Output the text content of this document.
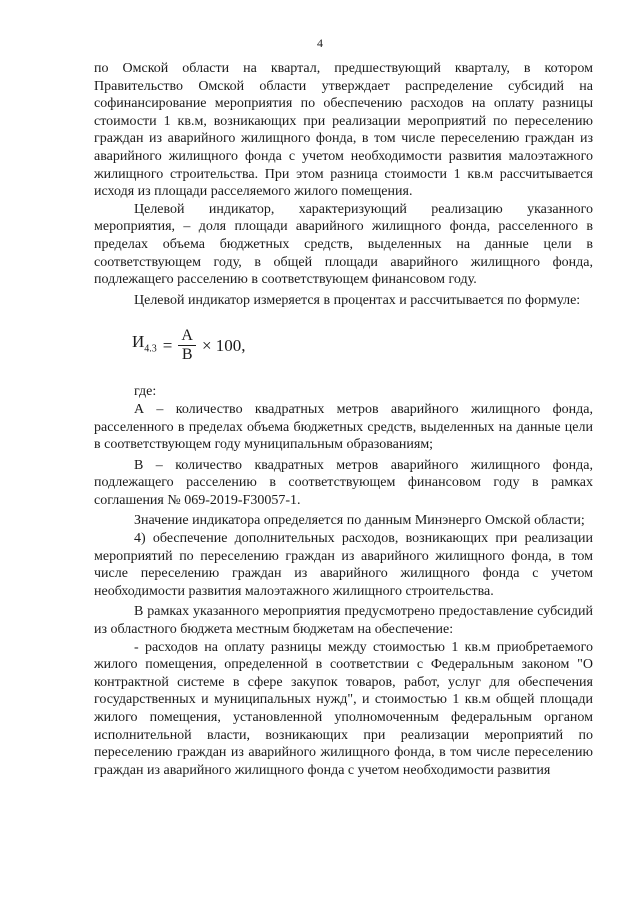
4

по Омской области на квартал, предшествующий кварталу, в котором Правительство Омской области утверждает распределение субсидий на софинансирование мероприятия по обеспечению расходов на оплату разницы стоимости 1 кв.м, возникающих при реализации мероприятий по переселению граждан из аварийного жилищного фонда, в том числе переселению граждан из аварийного жилищного фонда с учетом необходимости развития малоэтажного жилищного строительства. При этом разница стоимости 1 кв.м рассчитывается исходя из площади расселяемого жилого помещения.

Целевой индикатор, характеризующий реализацию указанного мероприятия, – доля площади аварийного жилищного фонда, расселенного в пределах объема бюджетных средств, выделенных на данные цели в соответствующем году, в общей площади аварийного жилищного фонда, подлежащего расселению в соответствующем финансовом году.

Целевой индикатор измеряется в процентах и рассчитывается по формуле:

$И_{4.3} = \frac{A}{B} \times 100$,

где:

А – количество квадратных метров аварийного жилищного фонда, расселенного в пределах объема бюджетных средств, выделенных на данные цели в соответствующем году муниципальным образованиям;

В – количество квадратных метров аварийного жилищного фонда, подлежащего расселению в соответствующем финансовом году в рамках соглашения № 069-2019-F30057-1.

Значение индикатора определяется по данным Минэнерго Омской области;

4) обеспечение дополнительных расходов, возникающих при реализации мероприятий по переселению граждан из аварийного жилищного фонда, в том числе переселению граждан из аварийного жилищного фонда с учетом необходимости развития малоэтажного жилищного строительства.

В рамках указанного мероприятия предусмотрено предоставление субсидий из областного бюджета местным бюджетам на обеспечение:

- расходов на оплату разницы между стоимостью 1 кв.м приобретаемого жилого помещения, определенной в соответствии с Федеральным законом "О контрактной системе в сфере закупок товаров, работ, услуг для обеспечения государственных и муниципальных нужд", и стоимостью 1 кв.м общей площади жилого помещения, установленной уполномоченным федеральным органом исполнительной власти, возникающих при реализации мероприятий по переселению граждан из аварийного жилищного фонда, в том числе переселению граждан из аварийного жилищного фонда с учетом необходимости развития
